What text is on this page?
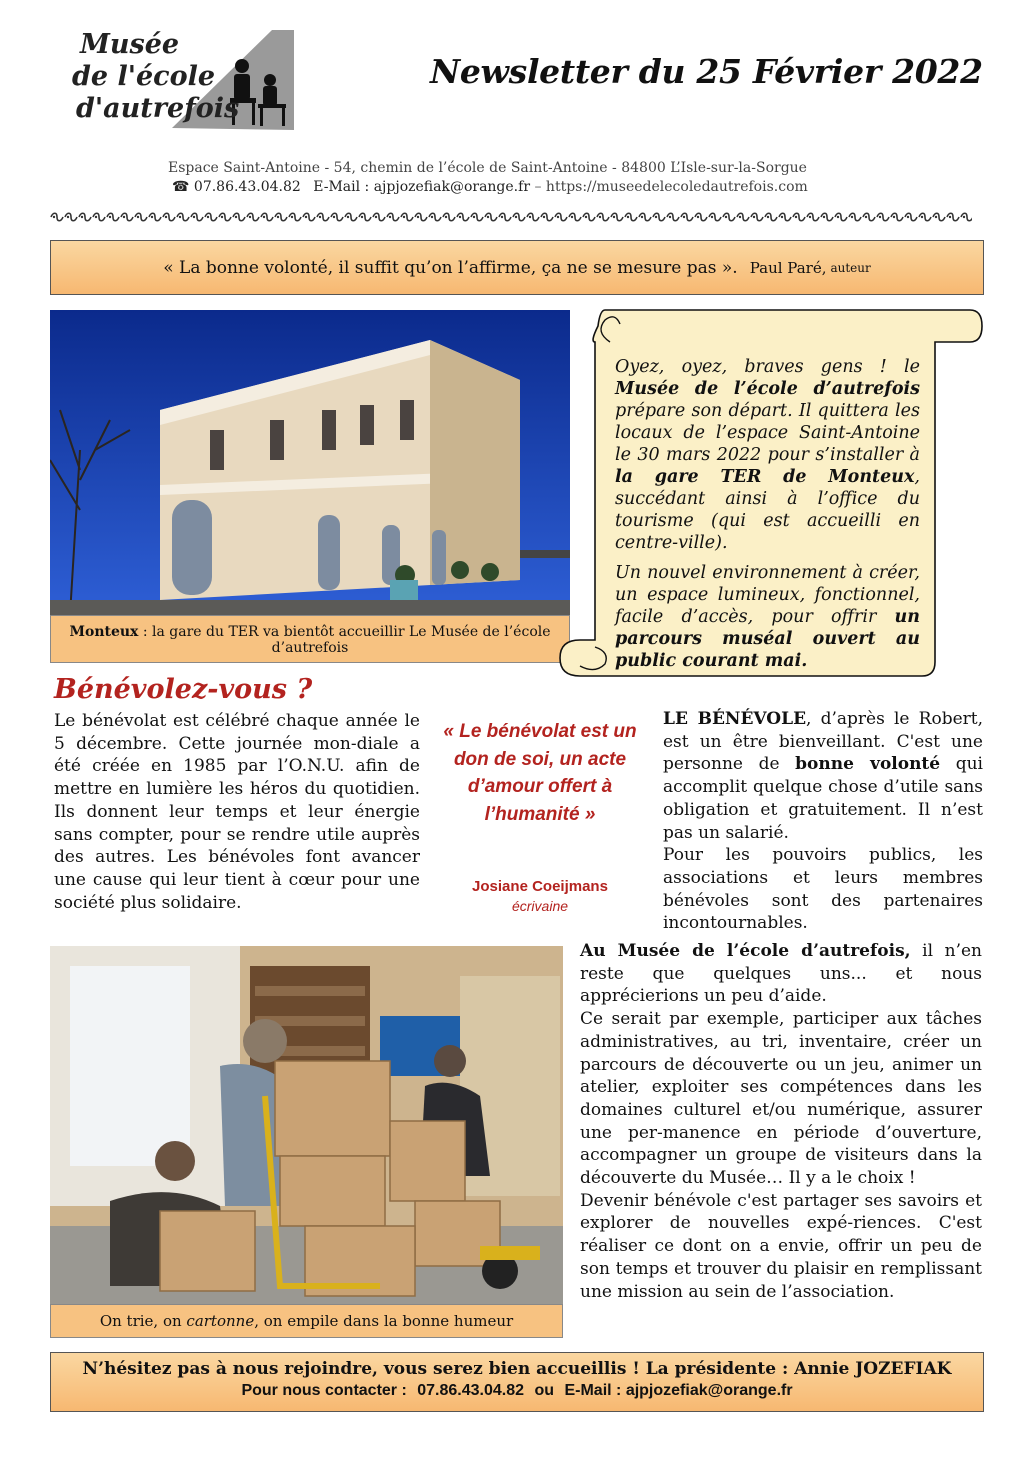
Musée
de l'école
d'autrefois
Newsletter du 25 Février 2022
Espace Saint-Antoine - 54, chemin de l’école de Saint-Antoine - 84800 L’Isle-sur-la-Sorgue
☎ 07.86.43.04.82 E-Mail : ajpjozefiak@orange.fr – https://museedelecoledautrefois.com
« La bonne volonté, il suffit qu’on l’affirme, ça ne se mesure pas ». Paul Paré, auteur
Monteux : la gare du TER va bientôt accueillir Le Musée de l’école d’autrefois

Oyez, oyez, braves gens ! le Musée de l’école d’autrefois prépare son départ. Il quittera les locaux de l’espace Saint-Antoine le 30 mars 2022 pour s’installer à la gare TER de Monteux, succédant ainsi à l’office du tourisme (qui est accueilli en centre-ville).

Un nouvel environnement à créer, un espace lumineux, fonctionnel, facile d’accès, pour offrir un parcours muséal ouvert au public courant mai.

Bénévolez-vous ?
Le bénévolat est célébré chaque année le 5 décembre. Cette journée mon-diale a été créée en 1985 par l’O.N.U. afin de mettre en lumière les héros du quotidien. Ils donnent leur temps et leur énergie sans compter, pour se rendre utile auprès des autres. Les bénévoles font avancer une cause qui leur tient à cœur pour une société plus solidaire.
« Le bénévolat est un don de soi, un acte d’amour offert à l’humanité »
Josiane Coeijmans
écrivaine
LE BÉNÉVOLE, d’après le Robert, est un être bienveillant. C'est une personne de bonne volonté qui accomplit quelque chose d’utile sans obligation et gratuitement. Il n’est pas un salarié.
Pour les pouvoirs publics, les associations et leurs membres bénévoles sont des partenaires incontournables.
On trie, on cartonne, on empile dans la bonne humeur
Au Musée de l’école d’autrefois, il n’en reste que quelques uns... et nous apprécierions un peu d’aide.
Ce serait par exemple, participer aux tâches administratives, au tri, inventaire, créer un parcours de découverte ou un jeu, animer un atelier, exploiter ses compétences dans les domaines culturel et/ou numérique, assurer une per-manence en période d’ouverture, accompagner un groupe de visiteurs dans la découverte du Musée… Il y a le choix !
Devenir bénévole c'est partager ses savoirs et explorer de nouvelles expé-riences. C'est réaliser ce dont on a envie, offrir un peu de son temps et trouver du plaisir en remplissant une mission au sein de l’association.
N’hésitez pas à nous rejoindre, vous serez bien accueillis ! La présidente : Annie JOZEFIAK
Pour nous contacter : 07.86.43.04.82 ou E-Mail : ajpjozefiak@orange.fr
